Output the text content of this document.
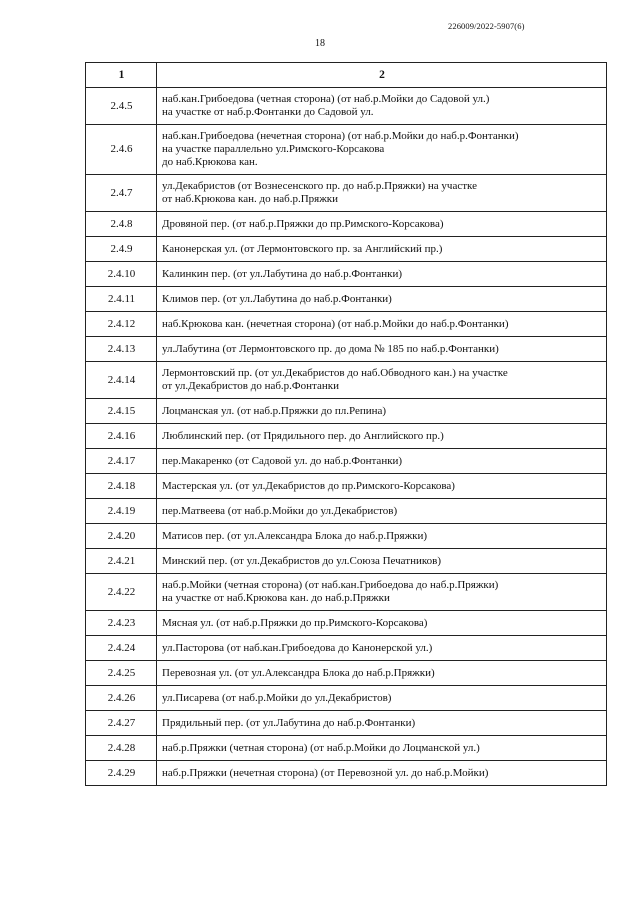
226009/2022-5907(6)
18
1	2
2.4.5	наб.кан.Грибоедова (четная сторона) (от наб.р.Мойки до Садовой ул.)
на участке от наб.р.Фонтанки до Садовой ул.

2.4.6	наб.кан.Грибоедова (нечетная сторона) (от наб.р.Мойки до наб.р.Фонтанки)
на участке параллельно ул.Римского-Корсакова
до наб.Крюкова кан.

2.4.7	ул.Декабристов (от Вознесенского пр. до наб.р.Пряжки) на участке
от наб.Крюкова кан. до наб.р.Пряжки

2.4.8	Дровяной пер. (от наб.р.Пряжки до пр.Римского-Корсакова)

2.4.9	Канонерская ул. (от Лермонтовского пр. за Английский пр.)

2.4.10	Калинкин пер. (от ул.Лабутина до наб.р.Фонтанки)

2.4.11	Климов пер. (от ул.Лабутина до наб.р.Фонтанки)

2.4.12	наб.Крюкова кан. (нечетная сторона) (от наб.р.Мойки до наб.р.Фонтанки)

2.4.13	ул.Лабутина (от Лермонтовского пр. до дома № 185 по наб.р.Фонтанки)

2.4.14	Лермонтовский пр. (от ул.Декабристов до наб.Обводного кан.) на участке
от ул.Декабристов до наб.р.Фонтанки

2.4.15	Лоцманская ул. (от наб.р.Пряжки до пл.Репина)

2.4.16	Люблинский пер. (от Прядильного пер. до Английского пр.)

2.4.17	пер.Макаренко (от Садовой ул. до наб.р.Фонтанки)

2.4.18	Мастерская ул. (от ул.Декабристов до пр.Римского-Корсакова)

2.4.19	пер.Матвеева (от наб.р.Мойки до ул.Декабристов)

2.4.20	Матисов пер. (от ул.Александра Блока до наб.р.Пряжки)

2.4.21	Минский пер. (от ул.Декабристов до ул.Союза Печатников)

2.4.22	наб.р.Мойки (четная сторона) (от наб.кан.Грибоедова до наб.р.Пряжки)
на участке от наб.Крюкова кан. до наб.р.Пряжки

2.4.23	Мясная ул. (от наб.р.Пряжки до пр.Римского-Корсакова)

2.4.24	ул.Пасторова (от наб.кан.Грибоедова до Канонерской ул.)

2.4.25	Перевозная ул. (от ул.Александра Блока до наб.р.Пряжки)

2.4.26	ул.Писарева (от наб.р.Мойки до ул.Декабристов)

2.4.27	Прядильный пер. (от ул.Лабутина до наб.р.Фонтанки)

2.4.28	наб.р.Пряжки (четная сторона) (от наб.р.Мойки до Лоцманской ул.)

2.4.29	наб.р.Пряжки (нечетная сторона) (от Перевозной ул. до наб.р.Мойки)
